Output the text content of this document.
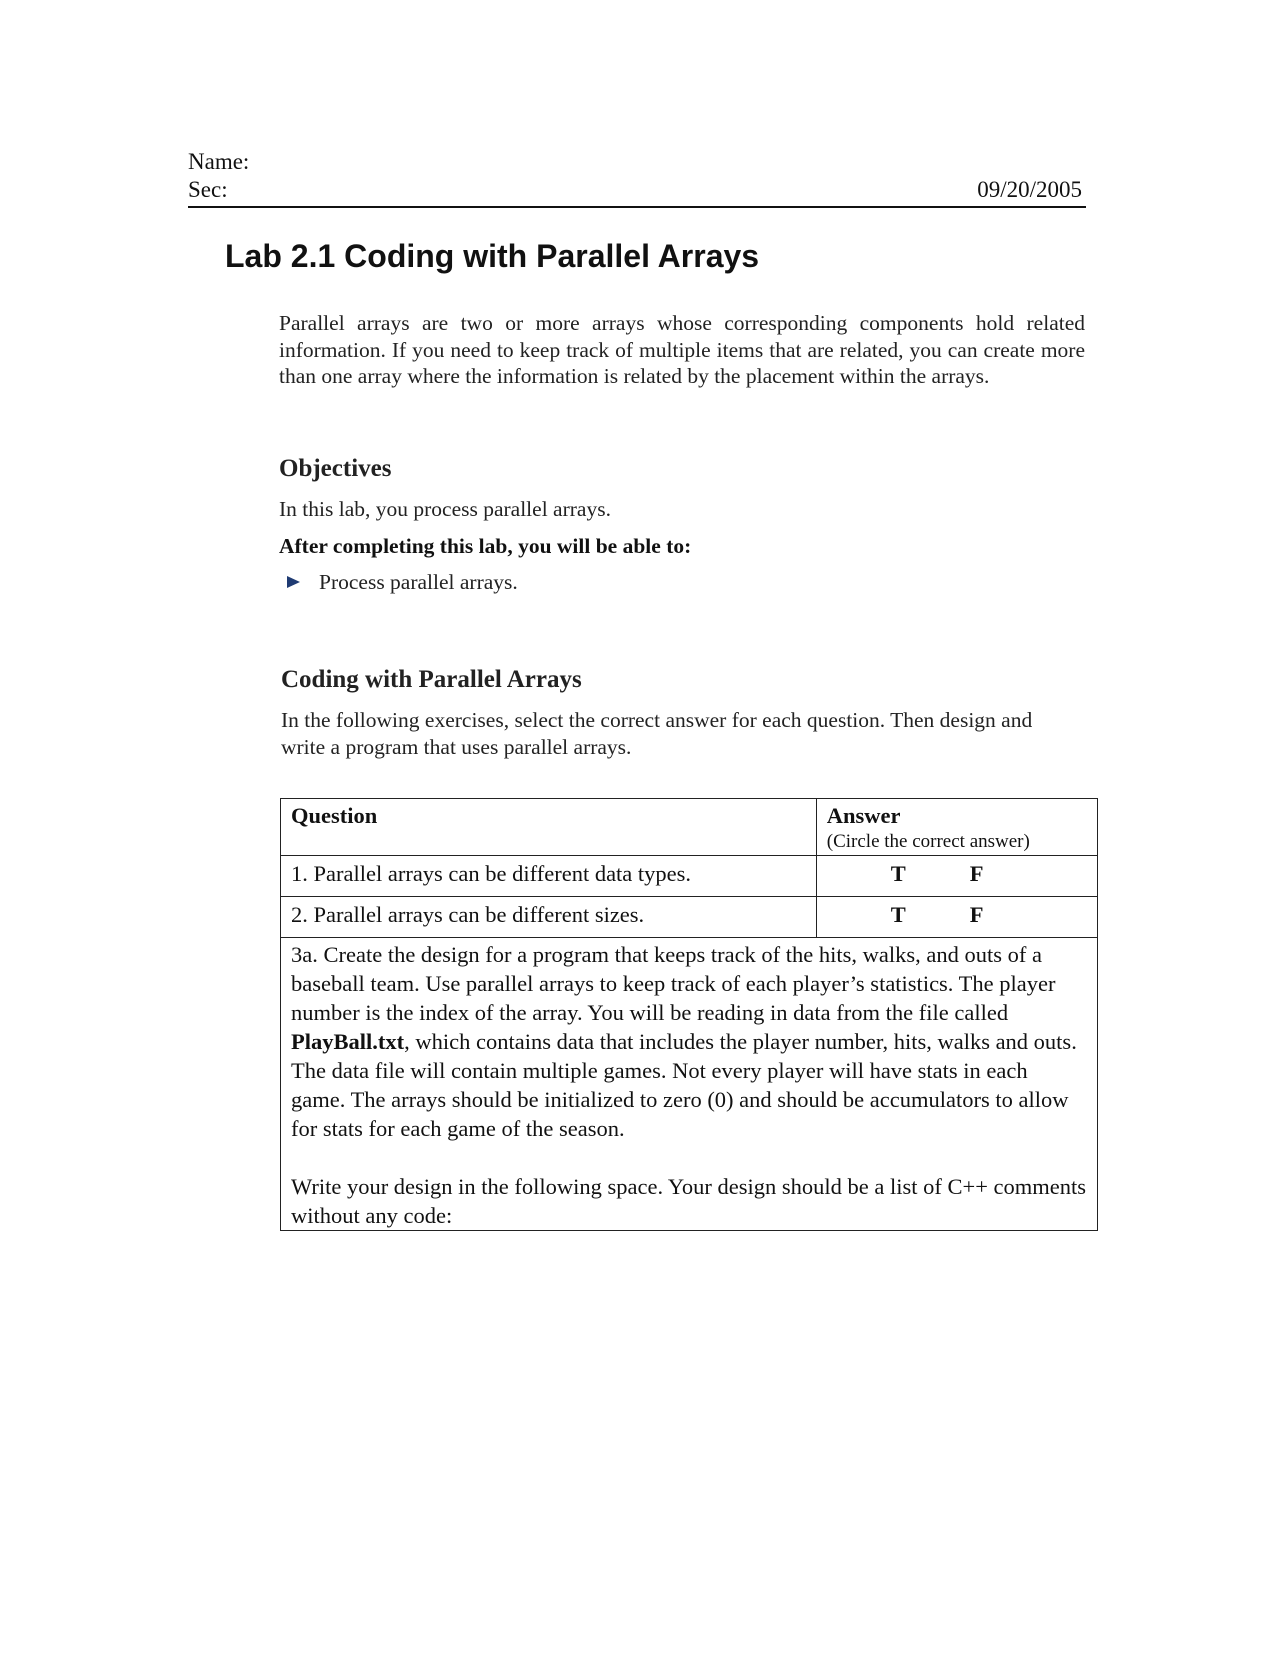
Name:
Sec:	09/20/2005
Lab 2.1 Coding with Parallel Arrays

Parallel arrays are two or more arrays whose corresponding components hold related information. If you need to keep track of multiple items that are related, you can create more than one array where the information is related by the placement within the arrays.

Objectives

In this lab, you process parallel arrays.

After completing this lab, you will be able to:

Process parallel arrays.
Coding with Parallel Arrays

In the following exercises, select the correct answer for each question. Then design and write a program that uses parallel arrays.

Question	Answer
(Circle the correct answer)

1. Parallel arrays can be different data types.	T F

2. Parallel arrays can be different sizes.	T F

3a. Create the design for a program that keeps track of the hits, walks, and outs of a baseball team. Use parallel arrays to keep track of each player’s statistics. The player number is the index of the array. You will be reading in data from the file called PlayBall.txt, which contains data that includes the player number, hits, walks and outs. The data file will contain multiple games. Not every player will have stats in each game. The arrays should be initialized to zero (0) and should be accumulators to allow for stats for each game of the season.

Write your design in the following space. Your design should be a list of C++ comments without any code:	
